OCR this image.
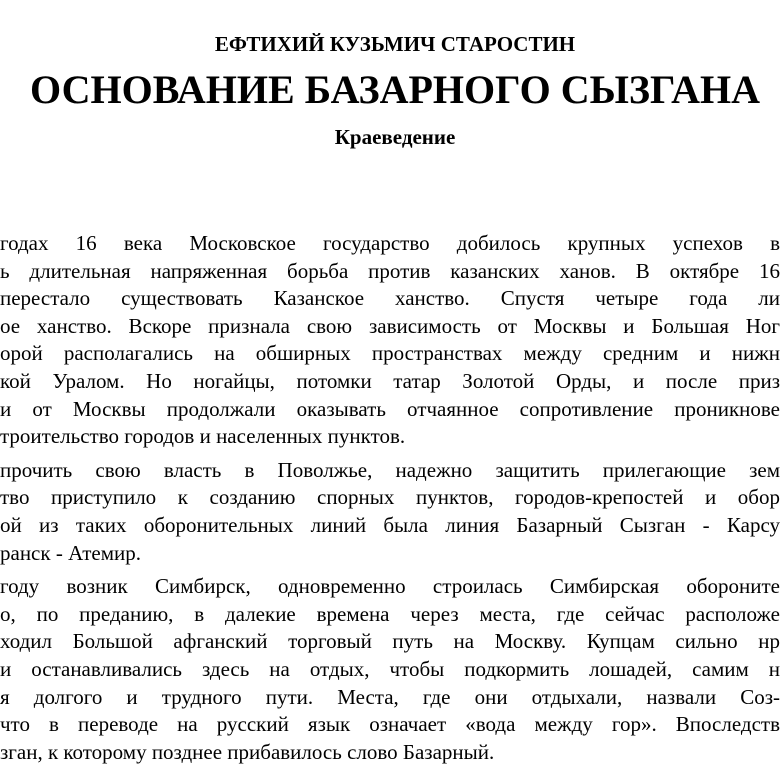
ЕФТИХИЙ КУЗЬМИЧ СТАРОСТИН
ОСНОВАНИЕ БАЗАРНОГО СЫЗГАНА
Краеведение
годах 16 века Московское государство добилось крупных успехов в
ь длительная напряженная борьба против казанских ханов. В октябре 16
перестало существовать Казанское ханство. Спустя четыре года ли
ое ханство. Вскоре признала свою зависимость от Москвы и Большая Ног
орой располагались на обширных пространствах между средним и нижн
кой Уралом. Но ногайцы, потомки татар Золотой Орды, и после приз
и от Москвы продолжали оказывать отчаянное сопротивление проникнове
троительство городов и населенных пунктов.
прочить свою власть в Поволжье, надежно защитить прилегающие зем
тво приступило к созданию спорных пунктов, городов-крепостей и обор
ой из таких оборонительных линий была линия Базарный Сызган - Карсу
ранск - Атемир.
году возник Симбирск, одновременно строилась Симбирская обороните
о, по преданию, в далекие времена через места, где сейчас расположе
ходил Большой афганский торговый путь на Москву. Купцам сильно нр
и останавливались здесь на отдых, чтобы подкормить лошадей, самим н
я долгого и трудного пути. Места, где они отдыхали, назвали Соз-
что в переводе на русский язык означает «вода между гор». Впоследств
зган, к которому позднее прибавилось слово Базарный.
